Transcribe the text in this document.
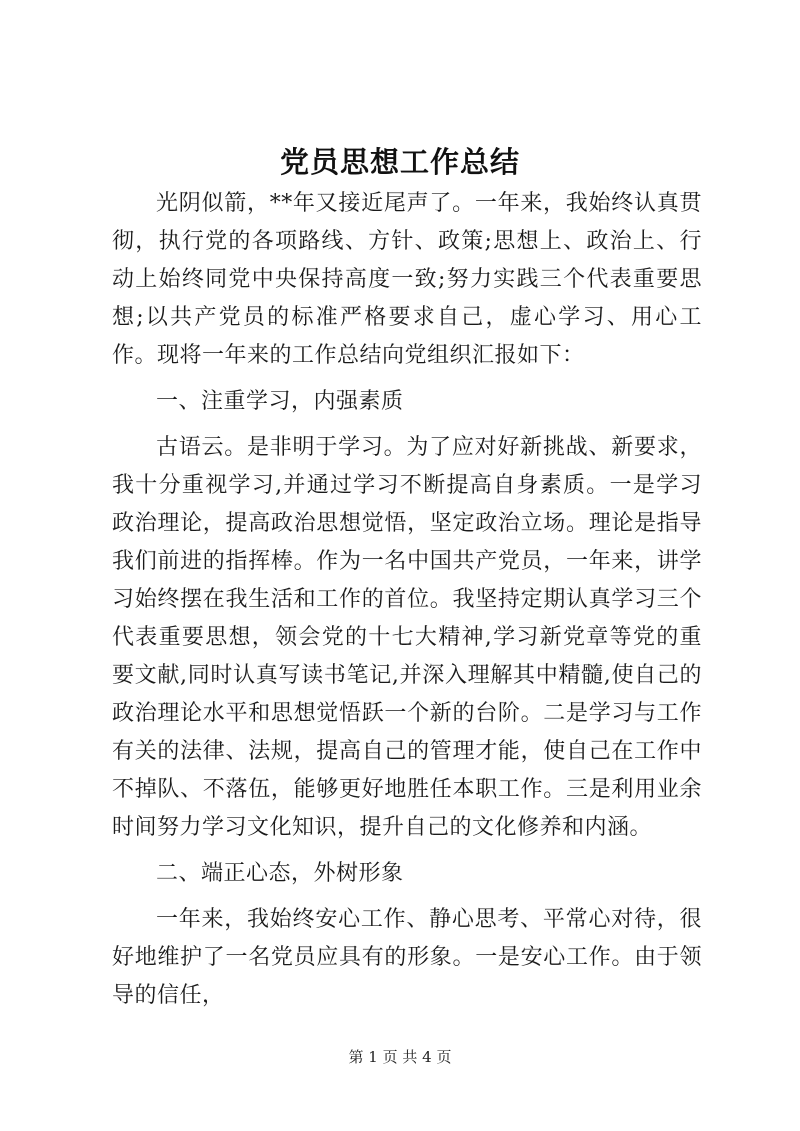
党员思想工作总结

光阴似箭，**年又接近尾声了。一年来，我始终认真贯彻，执行党的各项路线、方针、政策;思想上、政治上、行动上始终同党中央保持高度一致;努力实践三个代表重要思想;以共产党员的标准严格要求自己，虚心学习、用心工作。现将一年来的工作总结向党组织汇报如下：

一、注重学习，内强素质

古语云。是非明于学习。为了应对好新挑战、新要求，我十分重视学习,并通过学习不断提高自身素质。一是学习政治理论，提高政治思想觉悟，坚定政治立场。理论是指导我们前进的指挥棒。作为一名中国共产党员，一年来，讲学习始终摆在我生活和工作的首位。我坚持定期认真学习三个代表重要思想，领会党的十七大精神,学习新党章等党的重要文献,同时认真写读书笔记,并深入理解其中精髓,使自己的政治理论水平和思想觉悟跃一个新的台阶。二是学习与工作有关的法律、法规，提高自己的管理才能，使自己在工作中不掉队、不落伍，能够更好地胜任本职工作。三是利用业余时间努力学习文化知识，提升自己的文化修养和内涵。

二、端正心态，外树形象

一年来，我始终安心工作、静心思考、平常心对待，很好地维护了一名党员应具有的形象。一是安心工作。由于领导的信任，

第 1 页 共 4 页
